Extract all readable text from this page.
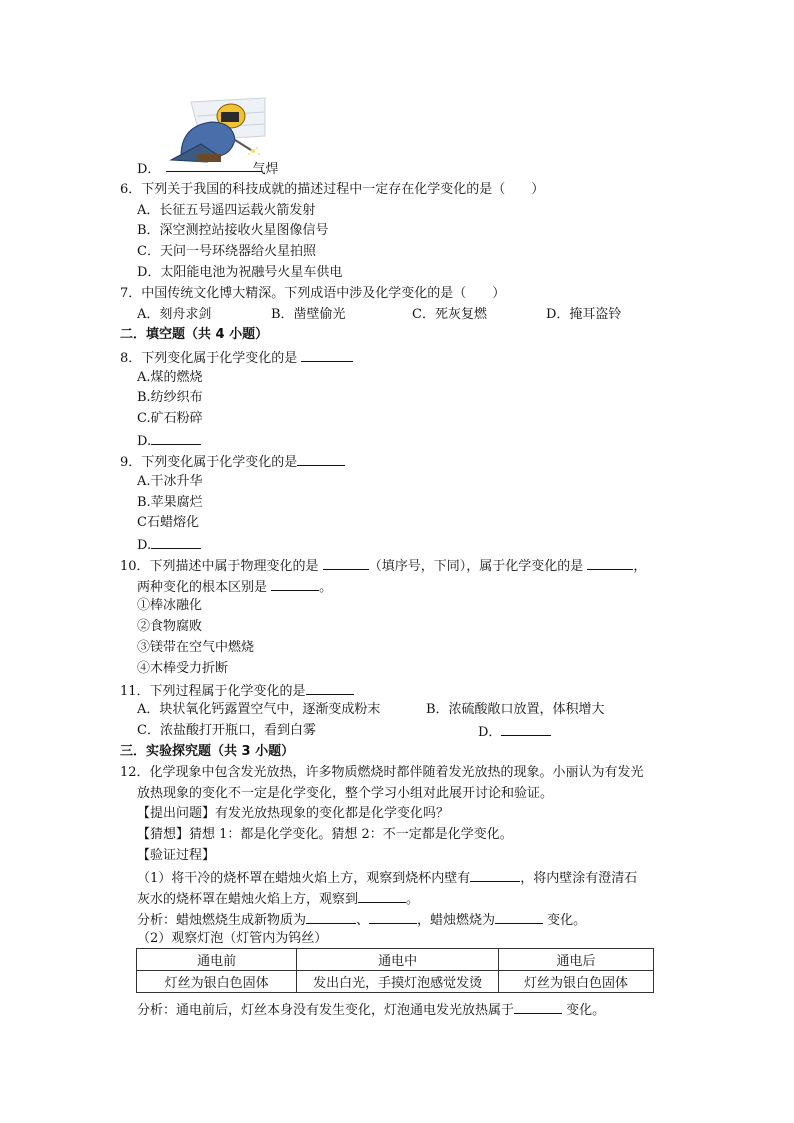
D．	气焊
6．下列关于我国的科技成就的描述过程中一定存在化学变化的是（　　）
A．长征五号遥四运载火箭发射
B．深空测控站接收火星图像信号
C．天问一号环绕器给火星拍照
D．太阳能电池为祝融号火星车供电
7．中国传统文化博大精深。下列成语中涉及化学变化的是（　　）
A．刻舟求剑	B．凿壁偷光	C．死灰复燃	D．掩耳盗铃
二．填空题（共 4 小题）
8．下列变化属于化学变化的是
A.煤的燃烧
B.纺纱织布
C.矿石粉碎
D.
9．下列变化属于化学变化的是
A.干冰升华
B.苹果腐烂
C石蜡熔化
D.
10．下列描述中属于物理变化的是	（填序号，下同），属于化学变化的是	，
两种变化的根本区别是	。
①棒冰融化
②食物腐败
③镁带在空气中燃烧
④木棒受力折断
11．下列过程属于化学变化的是
A．块状氧化钙露置空气中，逐渐变成粉末	B．浓硫酸敞口放置，体积增大
C．浓盐酸打开瓶口，看到白雾	D．
三．实验探究题（共 3 小题）
12．化学现象中包含发光放热，许多物质燃烧时都伴随着发光放热的现象。小丽认为有发光
放热现象的变化不一定是化学变化，整个学习小组对此展开讨论和验证。
【提出问题】有发光放热现象的变化都是化学变化吗？
【猜想】猜想 1：都是化学变化。猜想 2：不一定都是化学变化。
【验证过程】
（1）将干冷的烧杯罩在蜡烛火焰上方，观察到烧杯内壁有	，将内壁涂有澄清石
灰水的烧杯罩在蜡烛火焰上方，观察到	。
分析：蜡烛燃烧生成新物质为	、	，蜡烛燃烧为	变化。
（2）观察灯泡（灯管内为钨丝）
通电前	通电中	通电后
灯丝为银白色固体	发出白光，手摸灯泡感觉发烫	灯丝为银白色固体
分析：通电前后，灯丝本身没有发生变化，灯泡通电发光放热属于	变化。
